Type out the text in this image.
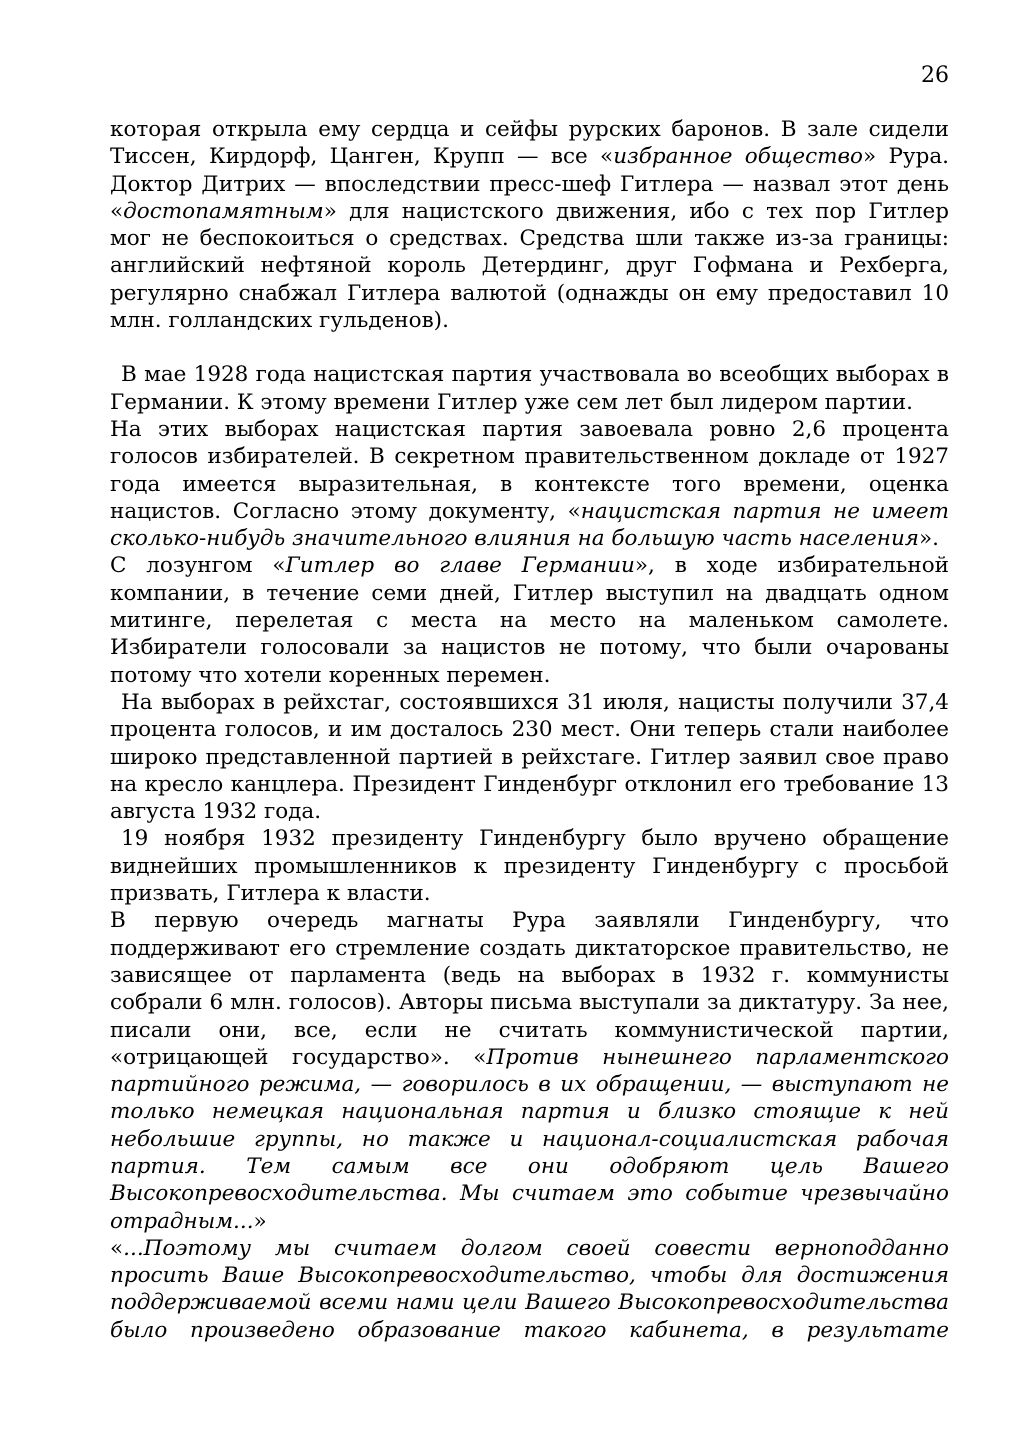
26

которая открыла ему сердца и сейфы рурских баронов. В зале сидели Тиссен, Кирдорф, Цанген, Крупп — все «избранное общество» Рура. Доктор Дитрих — впоследствии пресс-шеф Гитлера — назвал этот день «достопамятным» для нацистского движения, ибо с тех пор Гитлер мог не беспокоиться о средствах. Средства шли также из-за границы: английский нефтяной король Детердинг, друг Гофмана и Рехберга, регулярно снабжал Гитлера валютой (однажды он ему предоставил 10 млн. голландских гульденов).

В мае 1928 года нацистская партия участвовала во всеобщих выборах в Германии. К этому времени Гитлер уже сем лет был лидером партии.

На этих выборах нацистская партия завоевала ровно 2,6 процента голосов избирателей. В секретном правительственном докладе от 1927 года имеется выразительная, в контексте того времени, оценка нацистов. Согласно этому документу, «нацистская партия не имеет сколько-нибудь значительного влияния на большую часть населения».

С лозунгом «Гитлер во главе Германии», в ходе избирательной компании, в течение семи дней, Гитлер выступил на двадцать одном митинге, перелетая с места на место на маленьком самолете. Избиратели голосовали за нацистов не потому, что были очарованы потому что хотели коренных перемен.

На выборах в рейхстаг, состоявшихся 31 июля, нацисты получили 37,4 процента голосов, и им досталось 230 мест. Они теперь стали наиболее широко представленной партией в рейхстаге. Гитлер заявил свое право на кресло канцлера. Президент Гинденбург отклонил его требование 13 августа 1932 года.

19 ноября 1932 президенту Гинденбургу было вручено обращение виднейших промышленников к президенту Гинденбургу с просьбой призвать, Гитлера к власти.

В первую очередь магнаты Рура заявляли Гинденбургу, что поддерживают его стремление создать диктаторское правительство, не зависящее от парламента (ведь на выборах в 1932 г. коммунисты собрали 6 млн. голосов). Авторы письма выступали за диктатуру. За нее, писали они, все, если не считать коммунистической партии, «отрицающей государство». «Против нынешнего парламентского партийного режима, — говорилось в их обращении, — выступают не только немецкая национальная партия и близко стоящие к ней небольшие группы, но также и национал-социалистская рабочая партия. Тем самым все они одобряют цель Вашего Высокопревосходительства. Мы считаем это событие чрезвычайно отрадным...»

«...Поэтому мы считаем долгом своей совести верноподданно просить Ваше Высокопревосходительство, чтобы для достижения поддерживаемой всеми нами цели Вашего Высокопревосходительства было произведено образование такого кабинета, в результате
